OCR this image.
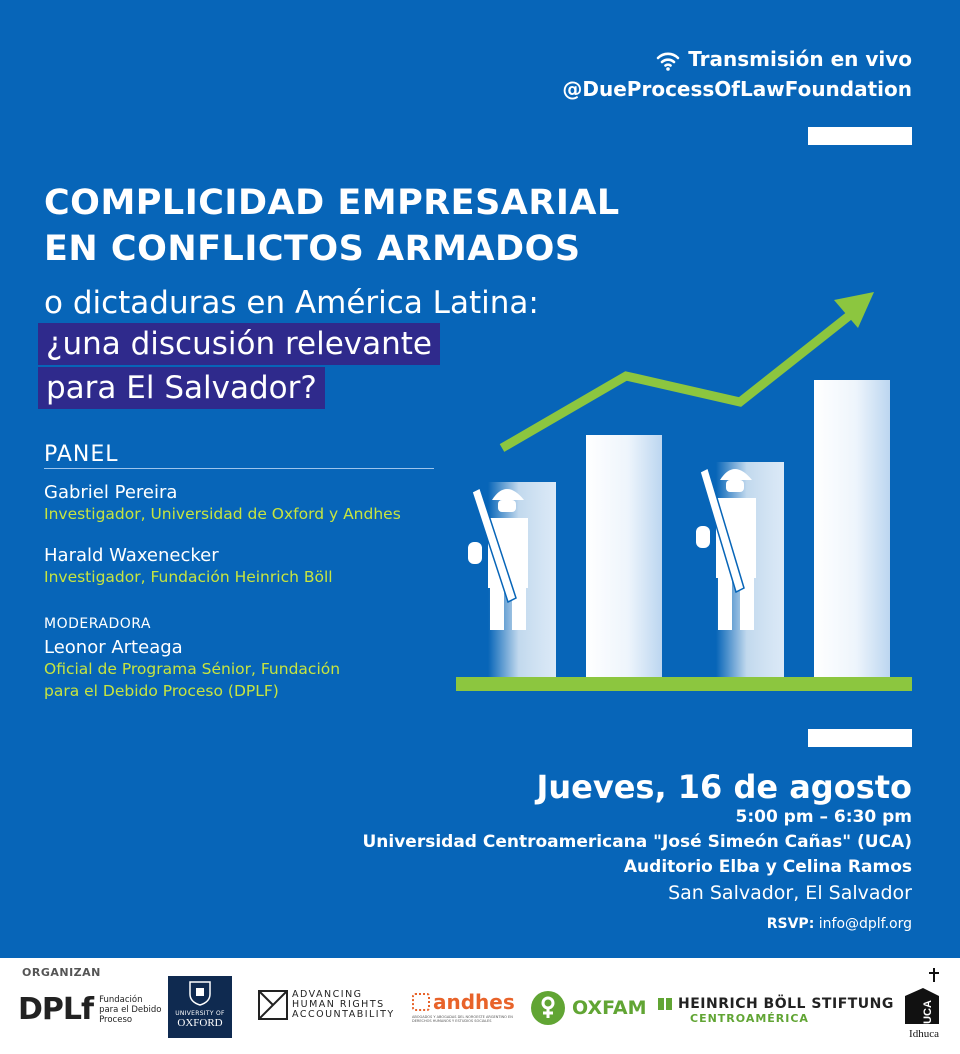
Transmisión en vivo
@DueProcessOfLawFoundation
COMPLICIDAD EMPRESARIAL
EN CONFLICTOS ARMADOS
o dictaduras en América Latina:
¿una discusión relevante
para El Salvador?
PANEL
Gabriel Pereira
Investigador, Universidad de Oxford y Andhes
Harald Waxenecker
Investigador, Fundación Heinrich Böll
MODERADORA
Leonor Arteaga
Oficial de Programa Sénior, Fundación
para el Debido Proceso (DPLF)
Jueves, 16 de agosto
5:00 pm – 6:30 pm
Universidad Centroamericana "José Simeón Cañas" (UCA)
Auditorio Elba y Celina Ramos
San Salvador, El Salvador
RSVP: info@dplf.org
ORGANIZAN
DPLf Fundación
para el Debido
Proceso
UNIVERSITY OF
OXFORD
ADVANCING
HUMAN RIGHTS
ACCOUNTABILITY
andhes
ABOGADOS Y ABOGADAS DEL NOROESTE ARGENTINO EN DERECHOS HUMANOS Y ESTUDIOS SOCIALES
OXFAM HEINRICH BÖLL STIFTUNG
CENTROAMÉRICA	UCA
Idhuca
